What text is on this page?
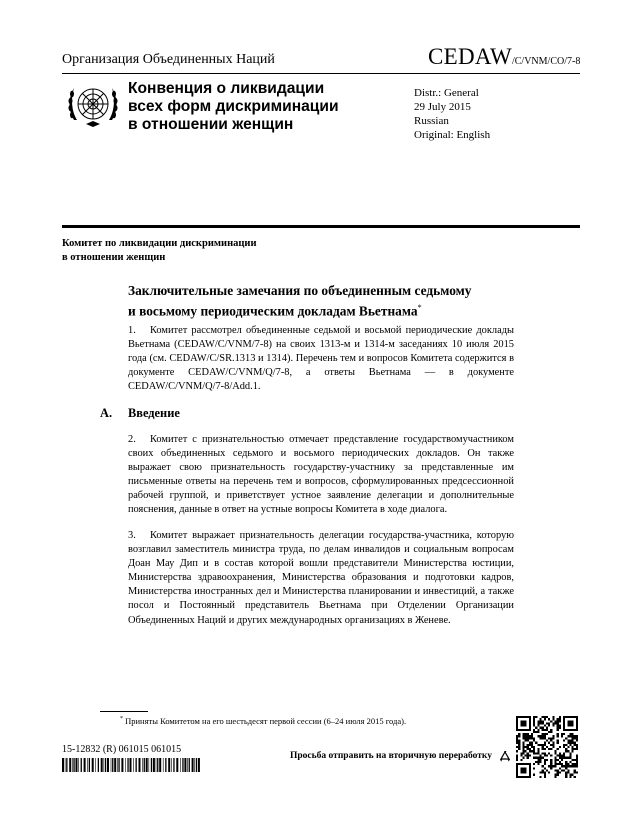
Организация Объединенных Наций	CEDAW/C/VNM/CO/7-8
Конвенция о ликвидации
всех форм дискриминации
в отношении женщин
Distr.: General
29 July 2015
Russian
Original: English
Комитет по ликвидации дискриминации
в отношении женщин
Заключительные замечания по объединенным седьмому
и восьмому периодическим докладам Вьетнама*
1. Комитет рассмотрел объединенные седьмой и восьмой периодические доклады Вьетнама (CEDAW/C/VNM/7-8) на своих 1313-м и 1314-м заседаниях 10 июля 2015 года (см. CEDAW/C/SR.1313 и 1314). Перечень тем и вопросов Комитета содержится в документе CEDAW/C/VNM/Q/7-8, а ответы Вьетнама — в документе CEDAW/C/VNM/Q/7-8/Add.1.
A. Введение
2. Комитет с признательностью отмечает представление государствомучастником своих объединенных седьмого и восьмого периодических докладов. Он также выражает свою признательность государству-участнику за представленные им письменные ответы на перечень тем и вопросов, сформулированных предсессионной рабочей группой, и приветствует устное заявление делегации и дополнительные пояснения, данные в ответ на устные вопросы Комитета в ходе диалога.
3. Комитет выражает признательность делегации государства-участника, которую возглавил заместитель министра труда, по делам инвалидов и социальным вопросам Доан Мау Дип и в состав которой вошли представители Министерства юстиции, Министерства здравоохранения, Министерства образования и подготовки кадров, Министерства иностранных дел и Министерства планировании и инвестиций, а также посол и Постоянный представитель Вьетнама при Отделении Организации Объединенных Наций и других международных организациях в Женеве.
* Приняты Комитетом на его шестьдесят первой сессии (6–24 июля 2015 года).
15-12832 (R) 061015 061015
Просьба отправить на вторичную переработку
